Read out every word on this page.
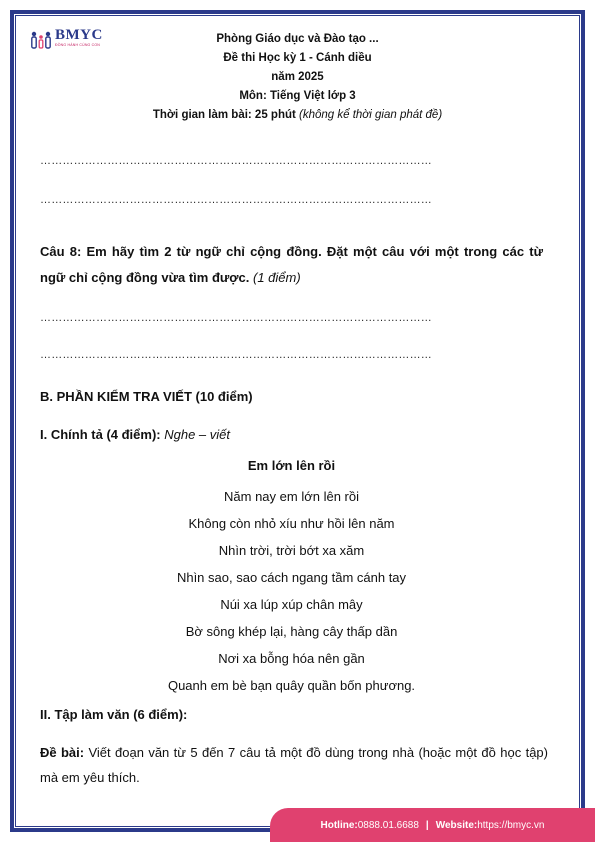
BMYC
ĐỒNG HÀNH CÙNG CON	Phòng Giáo dục và Đào tạo ...
Đề thi Học kỳ 1 - Cánh diều
năm 2025
Môn: Tiếng Việt lớp 3
Thời gian làm bài: 25 phút (không kể thời gian phát đề)
……………………………………………………………………………………………
……………………………………………………………………………………………
Câu 8: Em hãy tìm 2 từ ngữ chỉ cộng đồng. Đặt một câu với một trong các từ ngữ chỉ cộng đồng vừa tìm được. (1 điểm)
……………………………………………………………………………………………
……………………………………………………………………………………………
B. PHẦN KIỂM TRA VIẾT (10 điểm)
I. Chính tả (4 điểm): Nghe – viết
Em lớn lên rồi
Năm nay em lớn lên rồi
Không còn nhỏ xíu như hồi lên năm
Nhìn trời, trời bớt xa xăm
Nhìn sao, sao cách ngang tầm cánh tay
Núi xa lúp xúp chân mây
Bờ sông khép lại, hàng cây thấp dần
Nơi xa bỗng hóa nên gần
Quanh em bè bạn quây quần bốn phương.
II. Tập làm văn (6 điểm):
Đề bài: Viết đoạn văn từ 5 đến 7 câu tả một đồ dùng trong nhà (hoặc một đồ học tập) mà em yêu thích.
Hotline: 0888.01.6688 | Website: https://bmyc.vn
